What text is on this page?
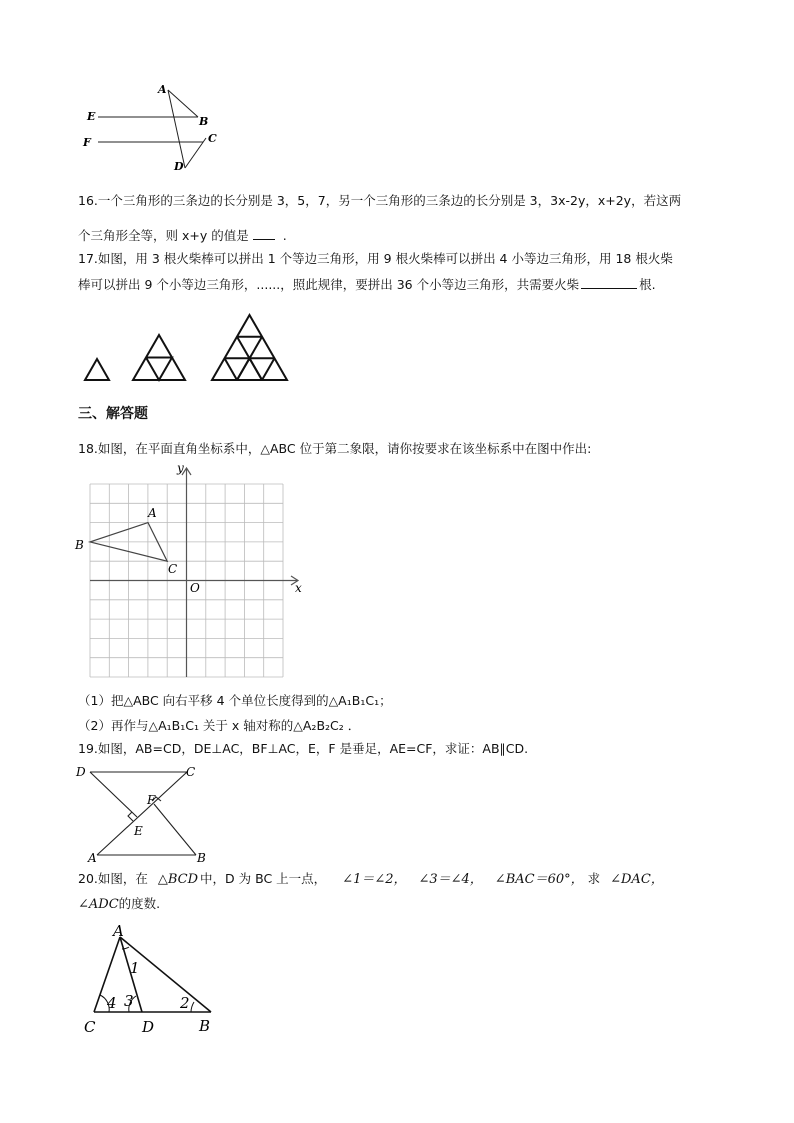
A
B
E
F	C
D
16.一个三角形的三条边的长分别是 3，5，7，另一个三角形的三条边的长分别是 3，3x-2y，x+2y，若这两
个三角形全等，则 x+y 的值是 .
17.如图，用 3 根火柴棒可以拼出 1 个等边三角形，用 9 根火柴棒可以拼出 4 小等边三角形，用 18 根火柴
棒可以拼出 9 个小等边三角形，......，照此规律，要拼出 36 个小等边三角形，共需要火柴	根.
三、解答题
18.如图，在平面直角坐标系中，△ABC 位于第二象限，请你按要求在该坐标系中在图中作出:
y
x
O
A
B
C
（1）把△ABC 向右平移 4 个单位长度得到的△A₁B₁C₁；
（2）再作与△A₁B₁C₁ 关于 x 轴对称的△A₂B₂C₂ ．
19.如图，AB=CD，DE⊥AC，BF⊥AC，E，F 是垂足，AE=CF，求证：AB∥CD.
D	C
F
E
A	B
20.如图，在 △BCD 中，D 为 BC 上一点， ∠1＝∠2， ∠3＝∠4， ∠BAC＝60°， 求 ∠DAC，
∠ADC的度数.
A
1
4 3	2
C	D	B
